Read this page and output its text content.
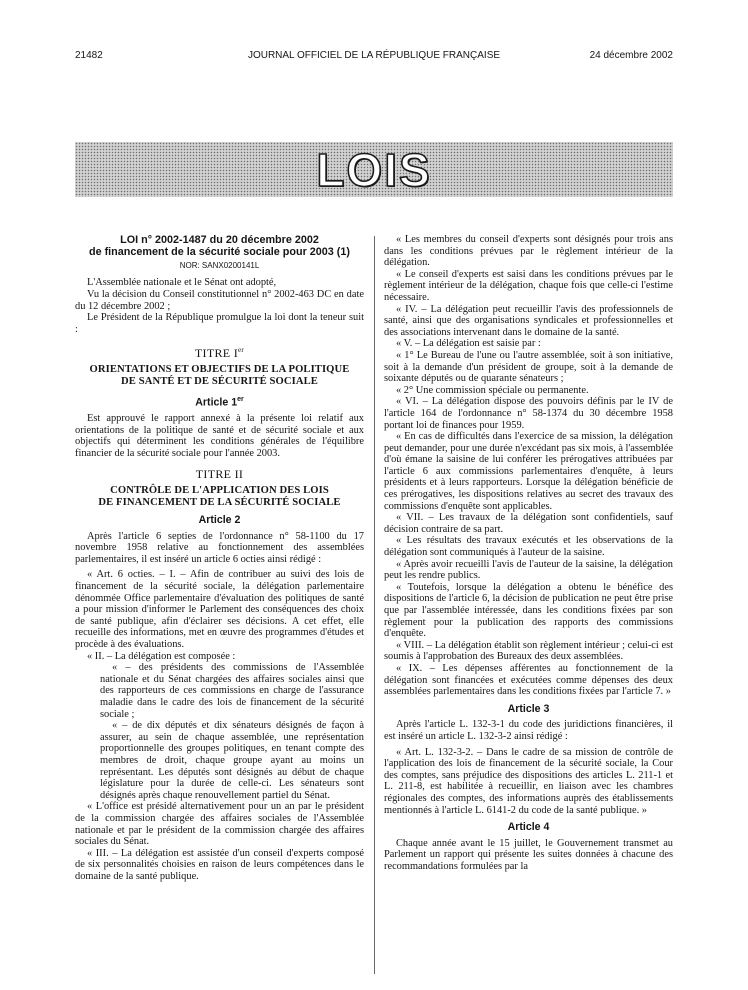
21482	JOURNAL OFFICIEL DE LA RÉPUBLIQUE FRANÇAISE	24 décembre 2002
LOIS
LOI n° 2002-1487 du 20 décembre 2002
de financement de la sécurité sociale pour 2003 (1)
NOR: SANX0200141L

L'Assemblée nationale et le Sénat ont adopté,

Vu la décision du Conseil constitutionnel n° 2002-463 DC en date du 12 décembre 2002 ;

Le Président de la République promulgue la loi dont la teneur suit :

TITRE Ier
ORIENTATIONS ET OBJECTIFS DE LA POLITIQUE
DE SANTÉ ET DE SÉCURITÉ SOCIALE
Article 1er

Est approuvé le rapport annexé à la présente loi relatif aux orientations de la politique de santé et de sécurité sociale et aux objectifs qui déterminent les conditions générales de l'équilibre financier de la sécurité sociale pour l'année 2003.

TITRE II
CONTRÔLE DE L'APPLICATION DES LOIS
DE FINANCEMENT DE LA SÉCURITÉ SOCIALE
Article 2

Après l'article 6 septies de l'ordonnance n° 58-1100 du 17 novembre 1958 relative au fonctionnement des assemblées parlementaires, il est inséré un article 6 octies ainsi rédigé :

« Art. 6 octies. – I. – Afin de contribuer au suivi des lois de financement de la sécurité sociale, la délégation parlementaire dénommée Office parlementaire d'évaluation des politiques de santé a pour mission d'informer le Parlement des conséquences des choix de santé publique, afin d'éclairer ses décisions. A cet effet, elle recueille des informations, met en œuvre des programmes d'études et procède à des évaluations.

« II. – La délégation est composée :

« – des présidents des commissions de l'Assemblée nationale et du Sénat chargées des affaires sociales ainsi que des rapporteurs de ces commissions en charge de l'assurance maladie dans le cadre des lois de financement de la sécurité sociale ;

« – de dix députés et dix sénateurs désignés de façon à assurer, au sein de chaque assemblée, une représentation proportionnelle des groupes politiques, en tenant compte des membres de droit, chaque groupe ayant au moins un représentant. Les députés sont désignés au début de chaque législature pour la durée de celle-ci. Les sénateurs sont désignés après chaque renouvellement partiel du Sénat.

« L'office est présidé alternativement pour un an par le président de la commission chargée des affaires sociales de l'Assemblée nationale et par le président de la commission chargée des affaires sociales du Sénat.

« III. – La délégation est assistée d'un conseil d'experts composé de six personnalités choisies en raison de leurs compétences dans le domaine de la santé publique.

« Les membres du conseil d'experts sont désignés pour trois ans dans les conditions prévues par le règlement intérieur de la délégation.

« Le conseil d'experts est saisi dans les conditions prévues par le règlement intérieur de la délégation, chaque fois que celle-ci l'estime nécessaire.

« IV. – La délégation peut recueillir l'avis des professionnels de santé, ainsi que des organisations syndicales et professionnelles et des associations intervenant dans le domaine de la santé.

« V. – La délégation est saisie par :

« 1° Le Bureau de l'une ou l'autre assemblée, soit à son initiative, soit à la demande d'un président de groupe, soit à la demande de soixante députés ou de quarante sénateurs ;

« 2° Une commission spéciale ou permanente.

« VI. – La délégation dispose des pouvoirs définis par le IV de l'article 164 de l'ordonnance n° 58-1374 du 30 décembre 1958 portant loi de finances pour 1959.

« En cas de difficultés dans l'exercice de sa mission, la délégation peut demander, pour une durée n'excédant pas six mois, à l'assemblée d'où émane la saisine de lui conférer les prérogatives attribuées par l'article 6 aux commissions parlementaires d'enquête, à leurs présidents et à leurs rapporteurs. Lorsque la délégation bénéficie de ces prérogatives, les dispositions relatives au secret des travaux des commissions d'enquête sont applicables.

« VII. – Les travaux de la délégation sont confidentiels, sauf décision contraire de sa part.

« Les résultats des travaux exécutés et les observations de la délégation sont communiqués à l'auteur de la saisine.

« Après avoir recueilli l'avis de l'auteur de la saisine, la délégation peut les rendre publics.

« Toutefois, lorsque la délégation a obtenu le bénéfice des dispositions de l'article 6, la décision de publication ne peut être prise que par l'assemblée intéressée, dans les conditions fixées par son règlement pour la publication des rapports des commissions d'enquête.

« VIII. – La délégation établit son règlement intérieur ; celui-ci est soumis à l'approbation des Bureaux des deux assemblées.

« IX. – Les dépenses afférentes au fonctionnement de la délégation sont financées et exécutées comme dépenses des deux assemblées parlementaires dans les conditions fixées par l'article 7. »

Article 3

Après l'article L. 132-3-1 du code des juridictions financières, il est inséré un article L. 132-3-2 ainsi rédigé :

« Art. L. 132-3-2. – Dans le cadre de sa mission de contrôle de l'application des lois de financement de la sécurité sociale, la Cour des comptes, sans préjudice des dispositions des articles L. 211-1 et L. 211-8, est habilitée à recueillir, en liaison avec les chambres régionales des comptes, des informations auprès des établissements mentionnés à l'article L. 6141-2 du code de la santé publique. »

Article 4

Chaque année avant le 15 juillet, le Gouvernement transmet au Parlement un rapport qui présente les suites données à chacune des recommandations formulées par la
